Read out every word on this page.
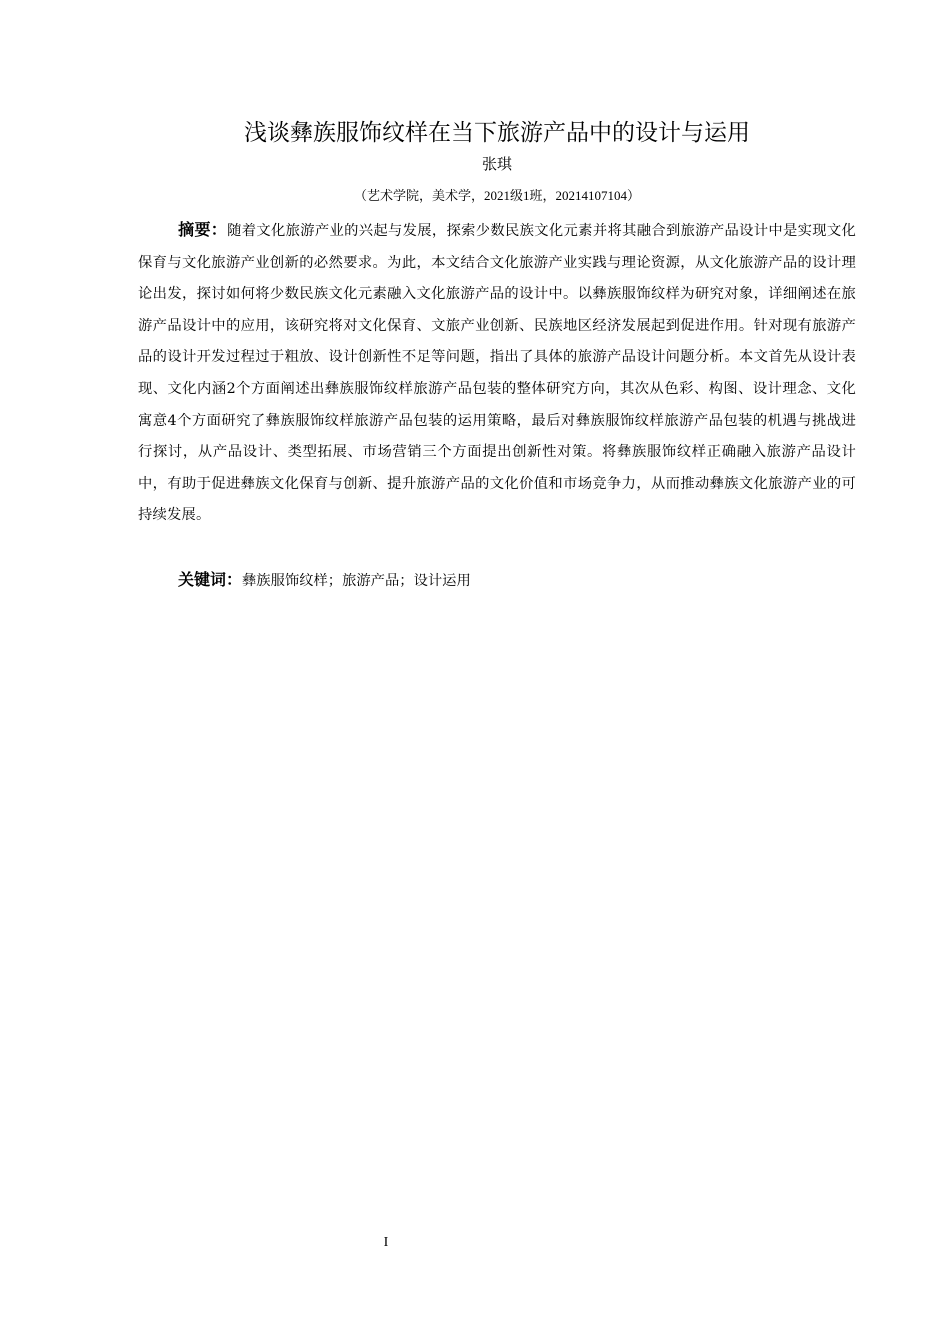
浅谈彝族服饰纹样在当下旅游产品中的设计与运用
张琪
（艺术学院，美术学，2021级1班，20214107104）
摘要：随着文化旅游产业的兴起与发展，探索少数民族文化元素并将其融合到旅游产品设计中是实现文化保育与文化旅游产业创新的必然要求。为此，本文结合文化旅游产业实践与理论资源，从文化旅游产品的设计理论出发，探讨如何将少数民族文化元素融入文化旅游产品的设计中。以彝族服饰纹样为研究对象，详细阐述在旅游产品设计中的应用，该研究将对文化保育、文旅产业创新、民族地区经济发展起到促进作用。针对现有旅游产品的设计开发过程过于粗放、设计创新性不足等问题，指出了具体的旅游产品设计问题分析。本文首先从设计表现、文化内涵2个方面阐述出彝族服饰纹样旅游产品包装的整体研究方向，其次从色彩、构图、设计理念、文化寓意4个方面研究了彝族服饰纹样旅游产品包装的运用策略，最后对彝族服饰纹样旅游产品包装的机遇与挑战进行探讨，从产品设计、类型拓展、市场营销三个方面提出创新性对策。将彝族服饰纹样正确融入旅游产品设计中，有助于促进彝族文化保育与创新、提升旅游产品的文化价值和市场竞争力，从而推动彝族文化旅游产业的可持续发展。
关键词：彝族服饰纹样；旅游产品；设计运用
I
